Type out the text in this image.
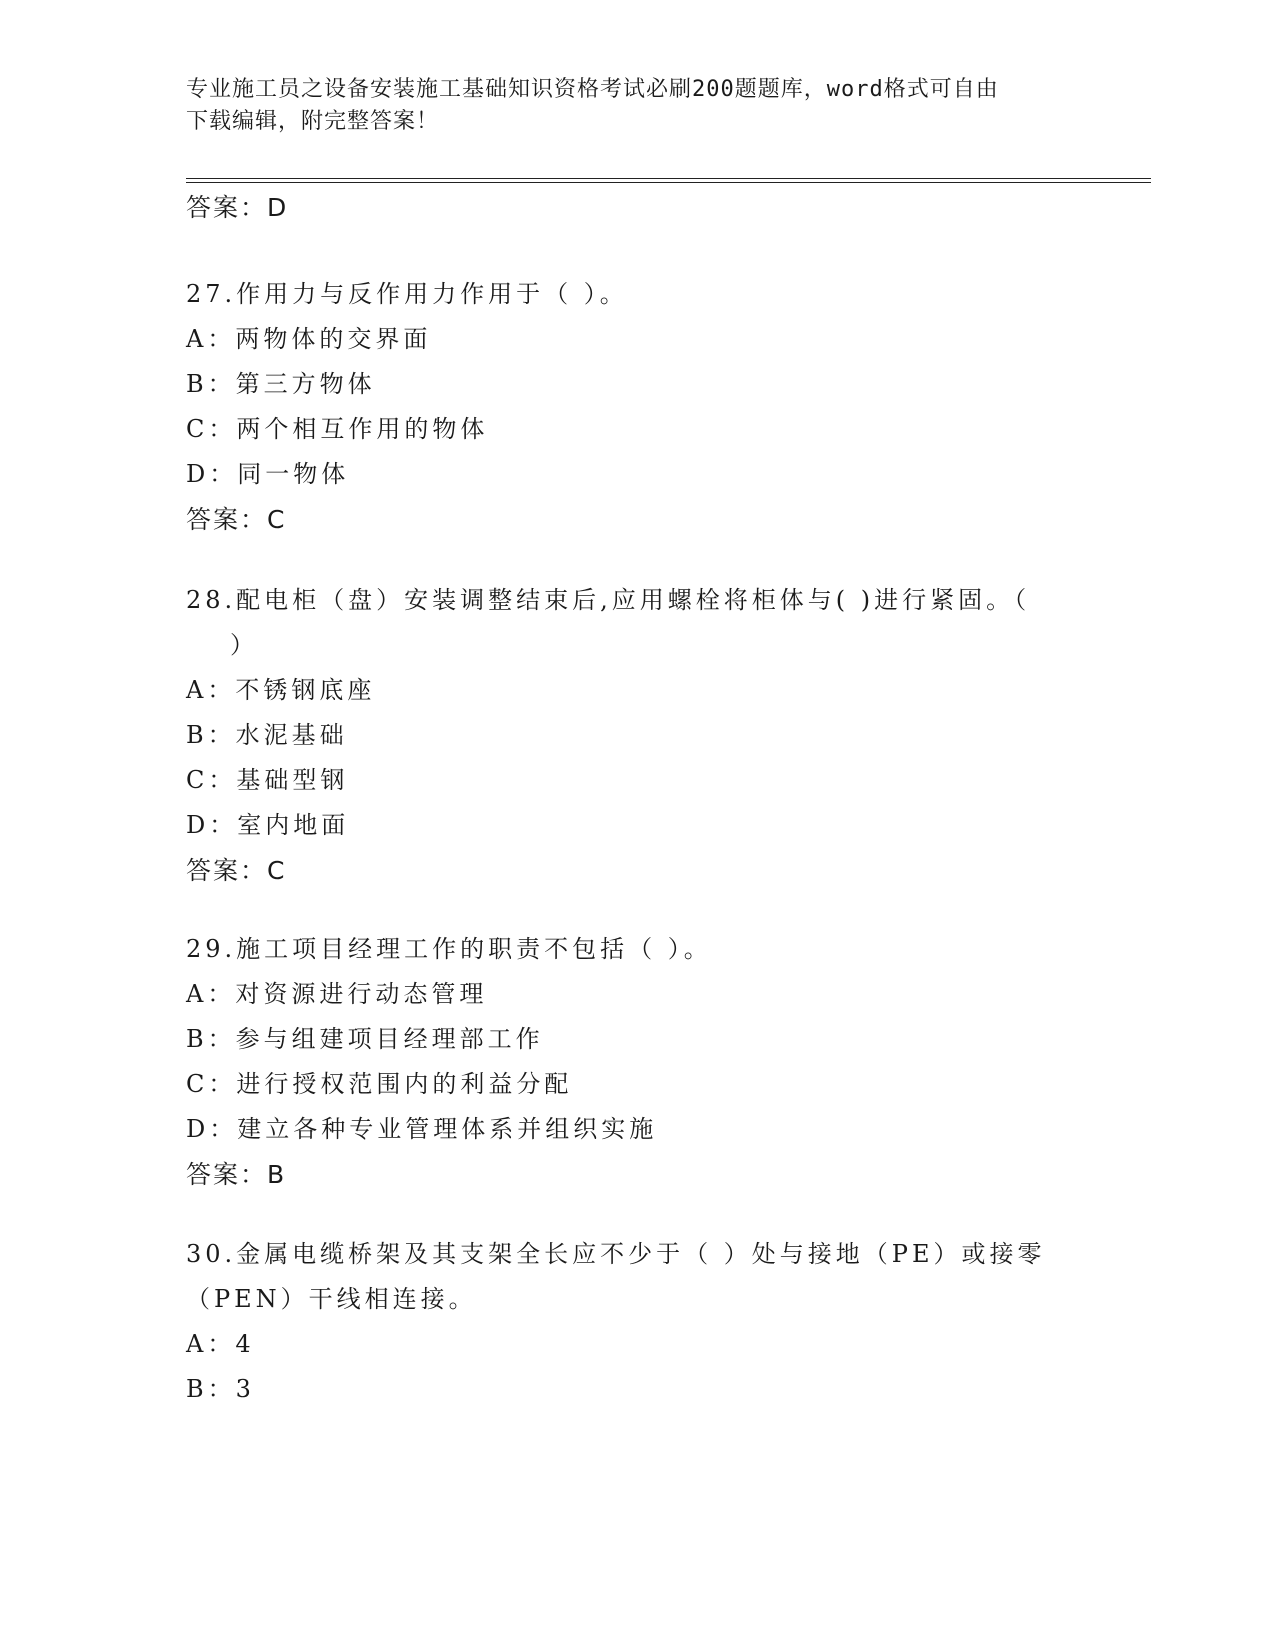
专业施工员之设备安装施工基础知识资格考试必刷200题题库，word格式可自由
下载编辑，附完整答案！
答案：D
27.作用力与反作用力作用于（ ）。
A：两物体的交界面
B：第三方物体
C：两个相互作用的物体
D：同一物体
答案：C
28.配电柜（盘）安装调整结束后,应用螺栓将柜体与( )进行紧固。（
）
A：不锈钢底座
B：水泥基础
C：基础型钢
D：室内地面
答案：C
29.施工项目经理工作的职责不包括（ ）。
A：对资源进行动态管理
B：参与组建项目经理部工作
C：进行授权范围内的利益分配
D：建立各种专业管理体系并组织实施
答案：B
30.金属电缆桥架及其支架全长应不少于（ ）处与接地（PE）或接零
（PEN）干线相连接。
A：4
B：3
